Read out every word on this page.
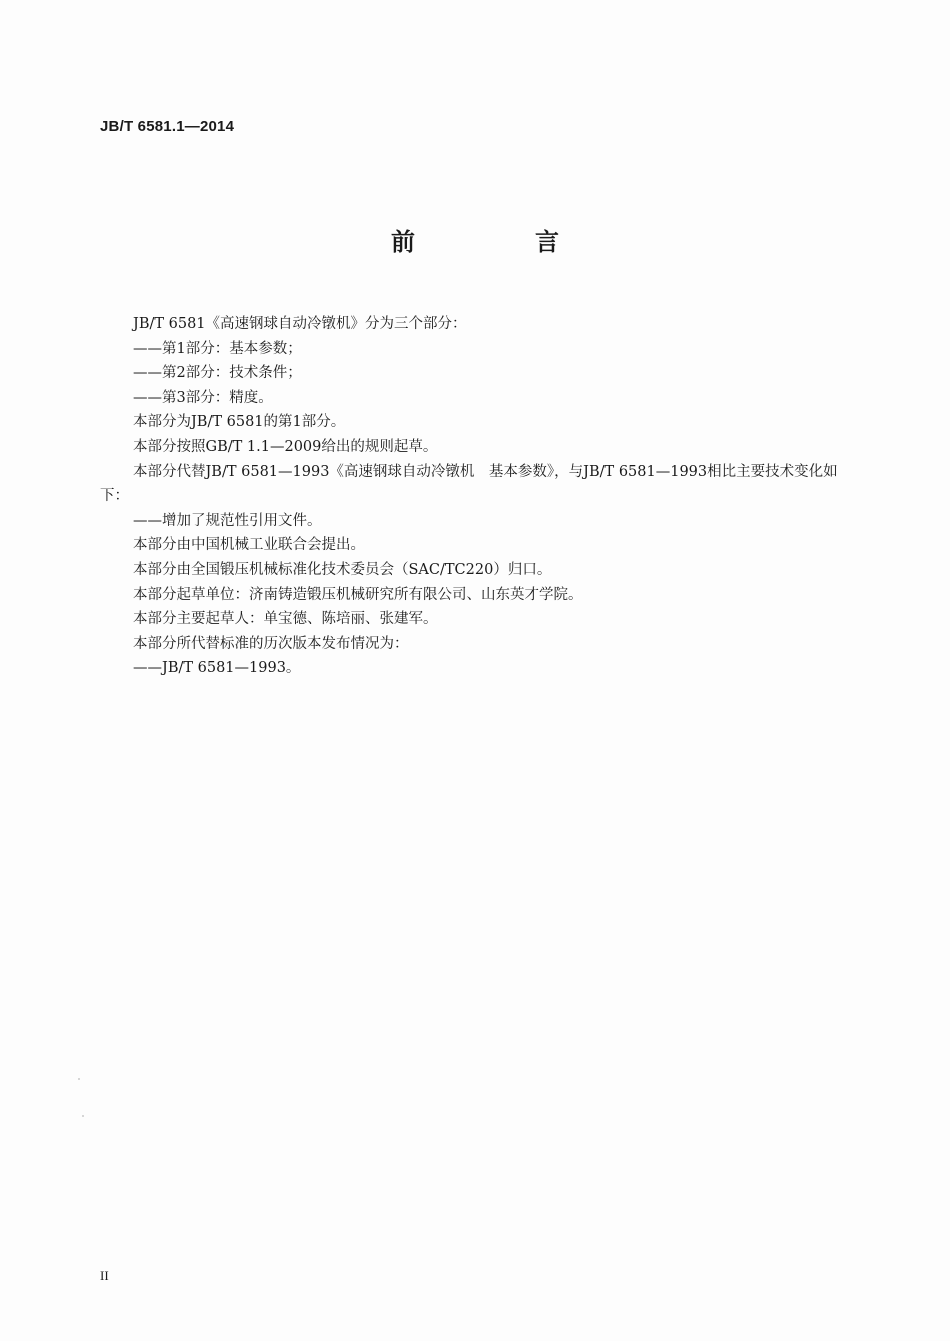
JB/T 6581.1—2014
前　言

JB/T 6581《高速钢球自动冷镦机》分为三个部分：

——第1部分：基本参数；

——第2部分：技术条件；

——第3部分：精度。

本部分为JB/T 6581的第1部分。

本部分按照GB/T 1.1—2009给出的规则起草。

本部分代替JB/T 6581—1993《高速钢球自动冷镦机　基本参数》，与JB/T 6581—1993相比主要技术变化如下：

——增加了规范性引用文件。

本部分由中国机械工业联合会提出。

本部分由全国锻压机械标准化技术委员会（SAC/TC220）归口。

本部分起草单位：济南铸造锻压机械研究所有限公司、山东英才学院。

本部分主要起草人：单宝德、陈培丽、张建军。

本部分所代替标准的历次版本发布情况为：

——JB/T 6581—1993。

II
